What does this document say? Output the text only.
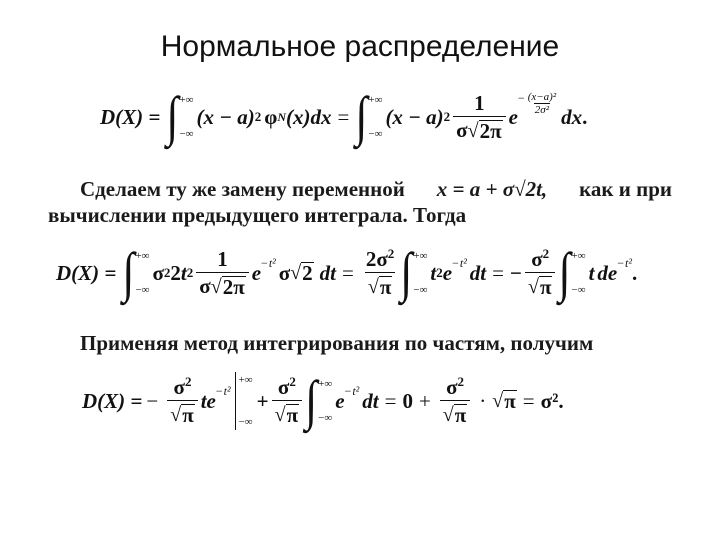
Нормальное распределение
D(X) = ∫ +∞
−∞
(x − a) 2 φ N (x) dx = ∫ +∞
−∞
(x − a) $2 \frac{1}{\sigma √ 2\pi}$ e
− $\frac{\text{(x−a)²}}{\text{2σ²}}$
dx .
Сделаем ту же замену переменной x = a + σ√2t, как и при
вычислении предыдущего интеграла. Тогда
D(X) = ∫ +∞
−∞
σ 2 2 t $2 \frac{1}{\sigma √ 2\pi}$ e − t² σ √ 2 dt = $\frac{2\sigma^2}{√ \pi}$ ∫ +∞
−∞
t 2 e − t² dt = − $\frac{\sigma^2}{√ \pi}$ ∫ +∞
−∞
t de − t² .
Применяя метод интегрирования по частям, получим
D(X) = − $\frac{\sigma^2}{√ \pi}$ te − t²
+∞
−∞
+ $\frac{\sigma^2}{√ \pi}$ ∫ +∞
−∞
e − t² dt = $0 + \frac{\sigma^2}{√ \pi}$ · √ π = σ² .
